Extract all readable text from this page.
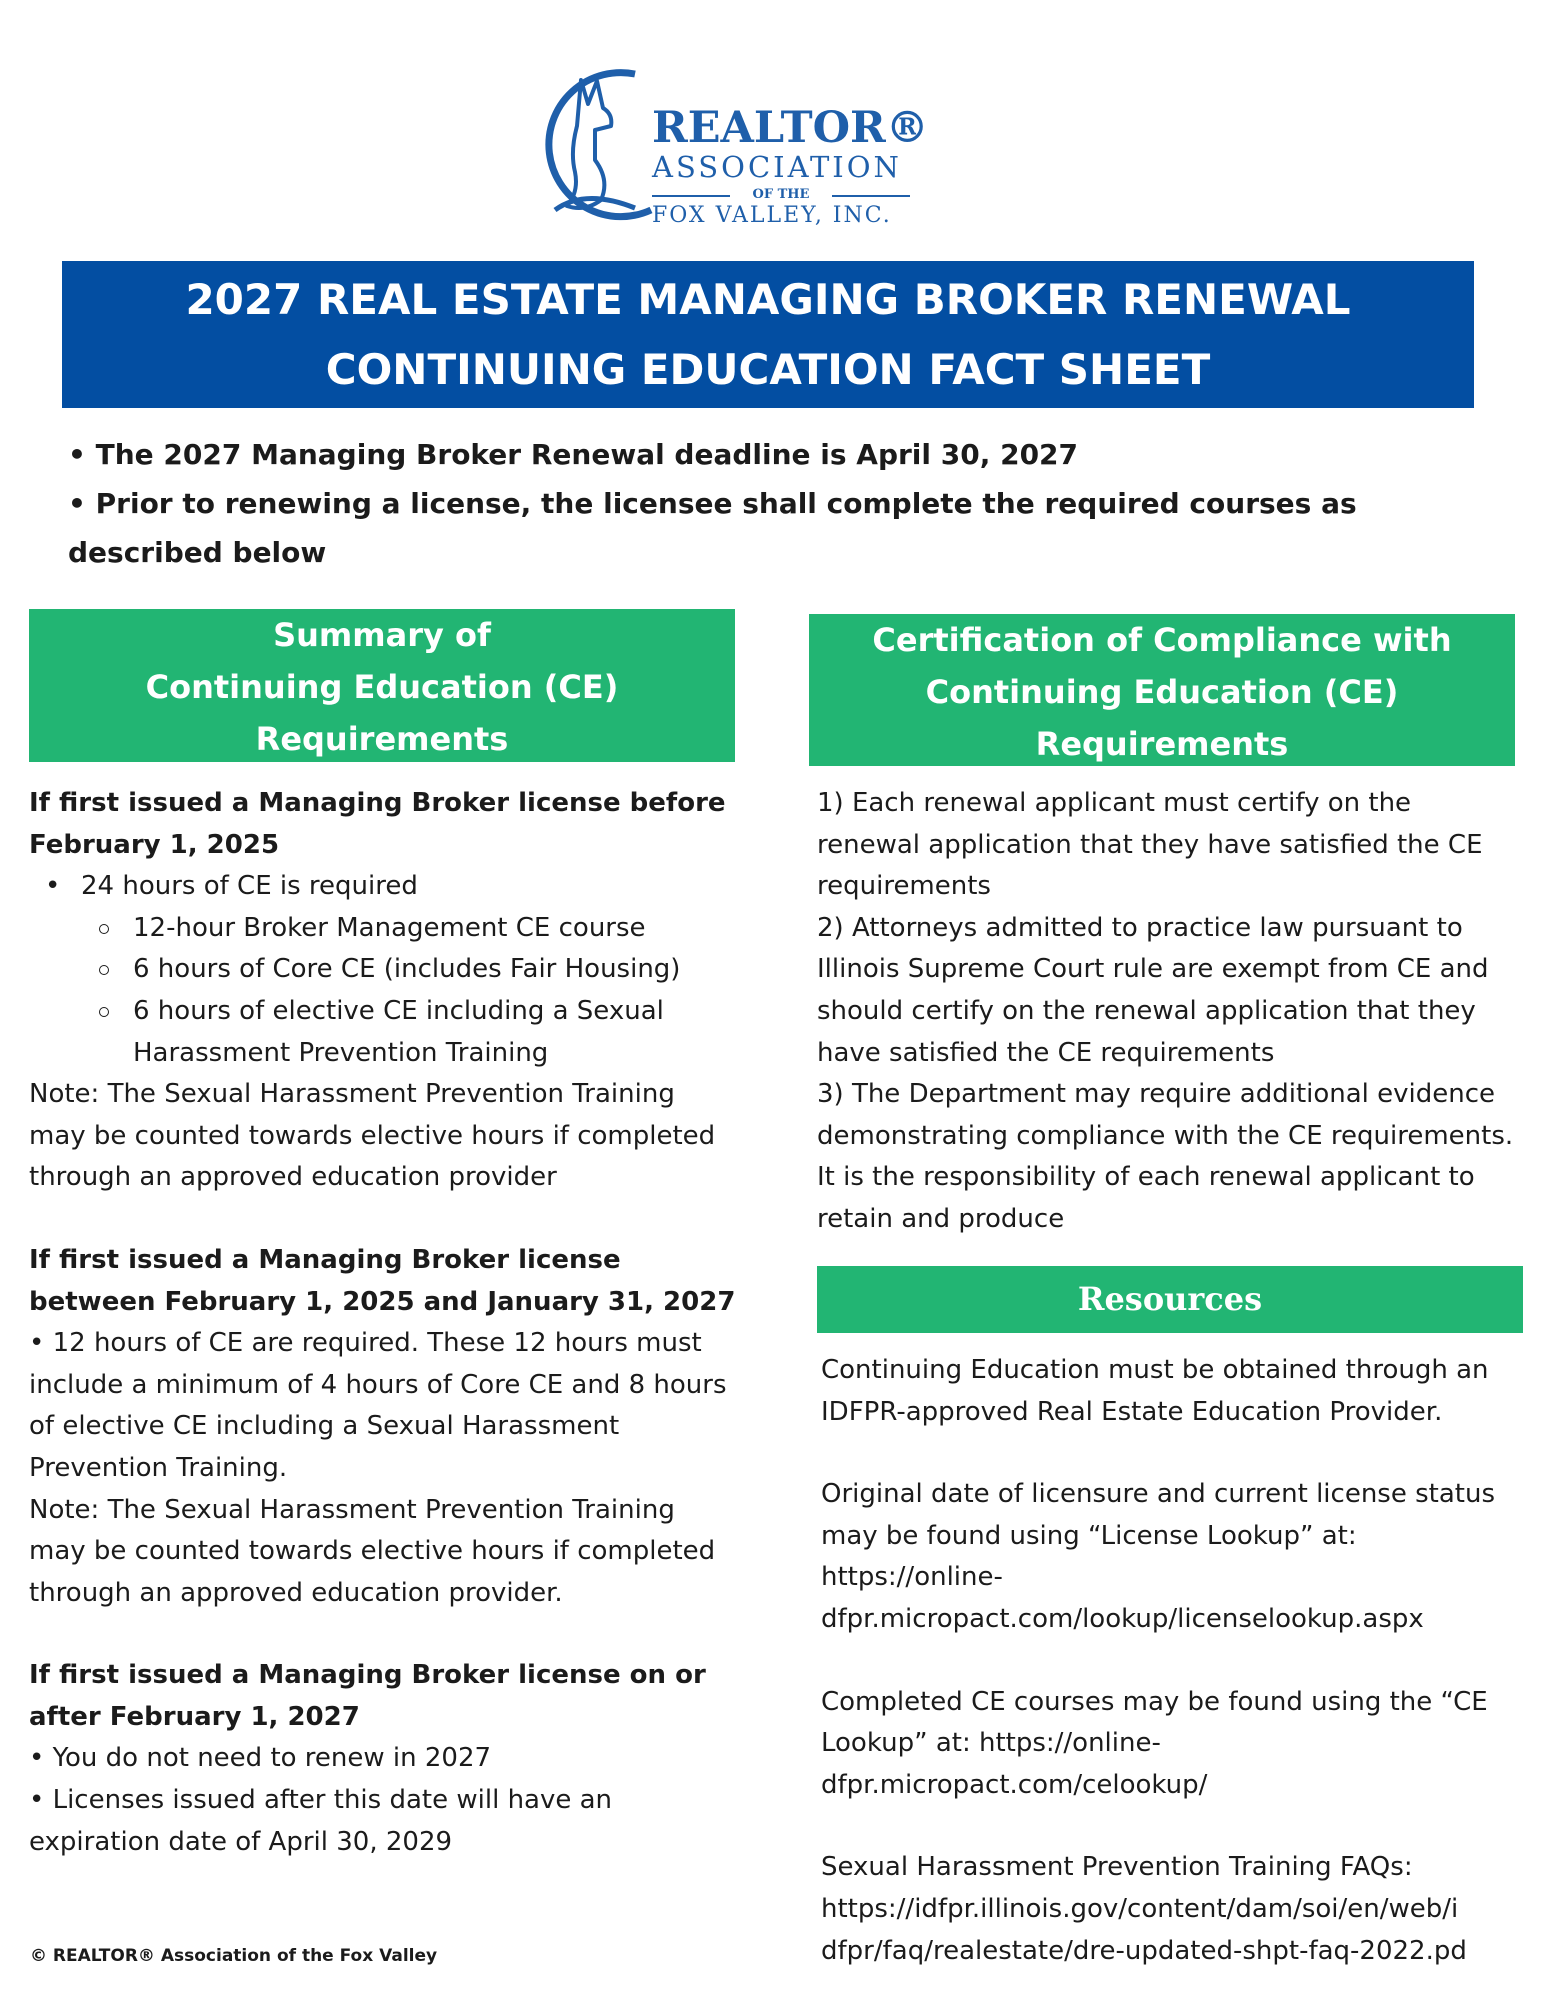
REALTOR®
ASSOCIATION
OF THE
FOX VALLEY, INC.
2027 REAL ESTATE MANAGING BROKER RENEWAL
CONTINUING EDUCATION FACT SHEET
• The 2027 Managing Broker Renewal deadline is April 30, 2027
• Prior to renewing a license, the licensee shall complete the required courses as described below
Summary of
Continuing Education (CE)
Requirements

If first issued a Managing Broker license before February 1, 2025

• 24 hours of CE is required
12-hour Broker Management CE course
6 hours of Core CE (includes Fair Housing)
6 hours of elective CE including a Sexual Harassment Prevention Training

Note: The Sexual Harassment Prevention Training may be counted towards elective hours if completed through an approved education provider

If first issued a Managing Broker license between February 1, 2025 and January 31, 2027

• 12 hours of CE are required. These 12 hours must include a minimum of 4 hours of Core CE and 8 hours of elective CE including a Sexual Harassment Prevention Training.

Note: The Sexual Harassment Prevention Training may be counted towards elective hours if completed through an approved education provider.

If first issued a Managing Broker license on or after February 1, 2027

• You do not need to renew in 2027

• Licenses issued after this date will have an expiration date of April 30, 2029

Certification of Compliance with
Continuing Education (CE)
Requirements

1) Each renewal applicant must certify on the renewal application that they have satisfied the CE requirements

2) Attorneys admitted to practice law pursuant to Illinois Supreme Court rule are exempt from CE and should certify on the renewal application that they have satisfied the CE requirements

3) The Department may require additional evidence demonstrating compliance with the CE requirements. It is the responsibility of each renewal applicant to retain and produce

Resources

Continuing Education must be obtained through an IDFPR-approved Real Estate Education Provider.

Original date of licensure and current license status may be found using “License Lookup” at: https://online-dfpr.micropact.com/lookup/licenselookup.aspx

Completed CE courses may be found using the “CE Lookup” at: https://online-dfpr.micropact.com/celookup/

Sexual Harassment Prevention Training FAQs:

https://idfpr.illinois.gov/content/dam/soi/en/web/i

dfpr/faq/realestate/dre-updated-shpt-faq-2022.pd

© REALTOR® Association of the Fox Valley
